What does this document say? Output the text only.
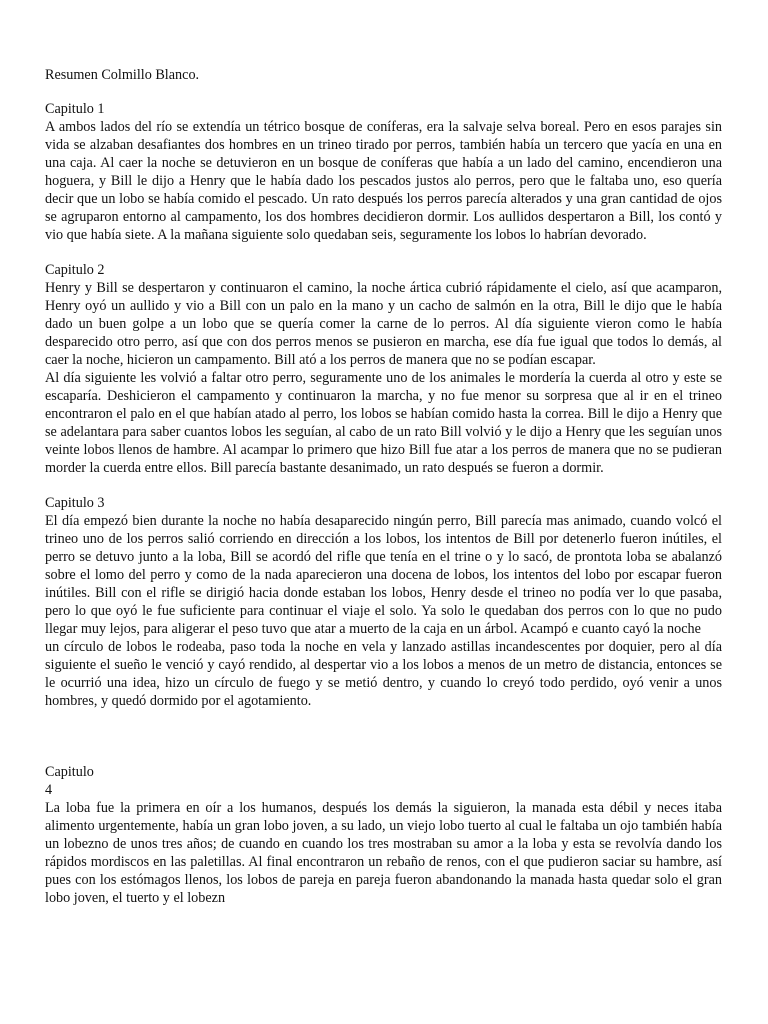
Resumen Colmillo Blanco.

Capitulo 1

A ambos lados del río se extendía un tétrico bosque de coníferas, era la salvaje selva boreal. Pero en esos parajes sin vida se alzaban desafiantes dos hombres en un trineo tirado por perros, también había un tercero que yacía en una en una caja. Al caer la noche se detuvieron en un bosque de coníferas que había a un lado del camino, encendieron una hoguera, y Bill le dijo a Henry que le había dado los pescados justos alo perros, pero que le faltaba uno, eso quería decir que un lobo se había comido el pescado. Un rato después los perros parecía alterados y una gran cantidad de ojos se agruparon entorno al campamento, los dos hombres decidieron dormir. Los aullidos despertaron a Bill, los contó y vio que había siete. A la mañana siguiente solo quedaban seis, seguramente los lobos lo habrían devorado.

Capitulo 2

Henry y Bill se despertaron y continuaron el camino, la noche ártica cubrió rápidamente el cielo, así que acamparon, Henry oyó un aullido y vio a Bill con un palo en la mano y un cacho de salmón en la otra, Bill le dijo que le había dado un buen golpe a un lobo que se quería comer la carne de lo perros. Al día siguiente vieron como le había desparecido otro perro, así que con dos perros menos se pusieron en marcha, ese día fue igual que todos lo demás, al caer la noche, hicieron un campamento. Bill ató a los perros de manera que no se podían escapar.

Al día siguiente les volvió a faltar otro perro, seguramente uno de los animales le mordería la cuerda al otro y este se escaparía. Deshicieron el campamento y continuaron la marcha, y no fue menor su sorpresa que al ir en el trineo encontraron el palo en el que habían atado al perro, los lobos se habían comido hasta la correa. Bill le dijo a Henry que se adelantara para saber cuantos lobos les seguían, al cabo de un rato Bill volvió y le dijo a Henry que les seguían unos veinte lobos llenos de hambre. Al acampar lo primero que hizo Bill fue atar a los perros de manera que no se pudieran morder la cuerda entre ellos. Bill parecía bastante desanimado, un rato después se fueron a dormir.

Capitulo 3

El día empezó bien durante la noche no había desaparecido ningún perro, Bill parecía mas animado, cuando volcó el trineo uno de los perros salió corriendo en dirección a los lobos, los intentos de Bill por detenerlo fueron inútiles, el perro se detuvo junto a la loba, Bill se acordó del rifle que tenía en el trine o y lo sacó, de prontota loba se abalanzó sobre el lomo del perro y como de la nada aparecieron una docena de lobos, los intentos del lobo por escapar fueron inútiles. Bill con el rifle se dirigió hacia donde estaban los lobos, Henry desde el trineo no podía ver lo que pasaba, pero lo que oyó le fue suficiente para continuar el viaje el solo. Ya solo le quedaban dos perros con lo que no pudo llegar muy lejos, para aligerar el peso tuvo que atar a muerto de la caja en un árbol. Acampó e cuanto cayó la noche

un círculo de lobos le rodeaba, paso toda la noche en vela y lanzado astillas incandescentes por doquier, pero al día siguiente el sueño le venció y cayó rendido, al despertar vio a los lobos a menos de un metro de distancia, entonces se le ocurrió una idea, hizo un círculo de fuego y se metió dentro, y cuando lo creyó todo perdido, oyó venir a unos hombres, y quedó dormido por el agotamiento.

Capitulo
4

La loba fue la primera en oír a los humanos, después los demás la siguieron, la manada esta débil y neces itaba alimento urgentemente, había un gran lobo joven, a su lado, un viejo lobo tuerto al cual le faltaba un ojo también había un lobezno de unos tres años; de cuando en cuando los tres mostraban su amor a la loba y esta se revolvía dando los rápidos mordiscos en las paletillas. Al final encontraron un rebaño de renos, con el que pudieron saciar su hambre, así pues con los estómagos llenos, los lobos de pareja en pareja fueron abandonando la manada hasta quedar solo el gran lobo joven, el tuerto y el lobezn
